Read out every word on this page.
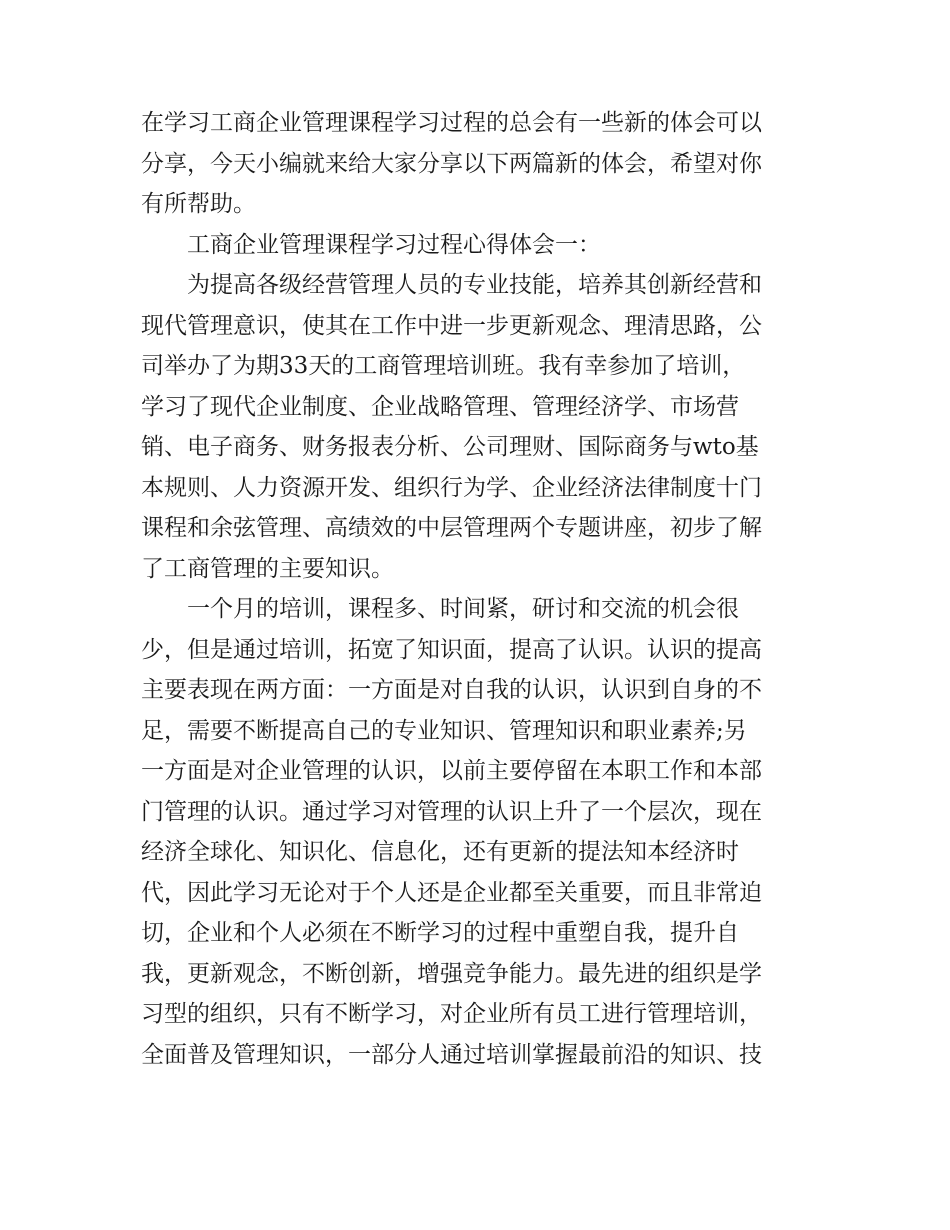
在学习工商企业管理课程学习过程的总会有一些新的体会可以
分享，今天小编就来给大家分享以下两篇新的体会，希望对你
有所帮助。
工商企业管理课程学习过程心得体会一：
为提高各级经营管理人员的专业技能，培养其创新经营和
现代管理意识，使其在工作中进一步更新观念、理清思路，公
司举办了为期33天的工商管理培训班。我有幸参加了培训，
学习了现代企业制度、企业战略管理、管理经济学、市场营
销、电子商务、财务报表分析、公司理财、国际商务与wto基
本规则、人力资源开发、组织行为学、企业经济法律制度十门
课程和余弦管理、高绩效的中层管理两个专题讲座，初步了解
了工商管理的主要知识。
一个月的培训，课程多、时间紧，研讨和交流的机会很
少，但是通过培训，拓宽了知识面，提高了认识。认识的提高
主要表现在两方面：一方面是对自我的认识，认识到自身的不
足，需要不断提高自己的专业知识、管理知识和职业素养;另
一方面是对企业管理的认识，以前主要停留在本职工作和本部
门管理的认识。通过学习对管理的认识上升了一个层次，现在
经济全球化、知识化、信息化，还有更新的提法知本经济时
代，因此学习无论对于个人还是企业都至关重要，而且非常迫
切，企业和个人必须在不断学习的过程中重塑自我，提升自
我，更新观念，不断创新，增强竞争能力。最先进的组织是学
习型的组织，只有不断学习，对企业所有员工进行管理培训，
全面普及管理知识，一部分人通过培训掌握最前沿的知识、技
